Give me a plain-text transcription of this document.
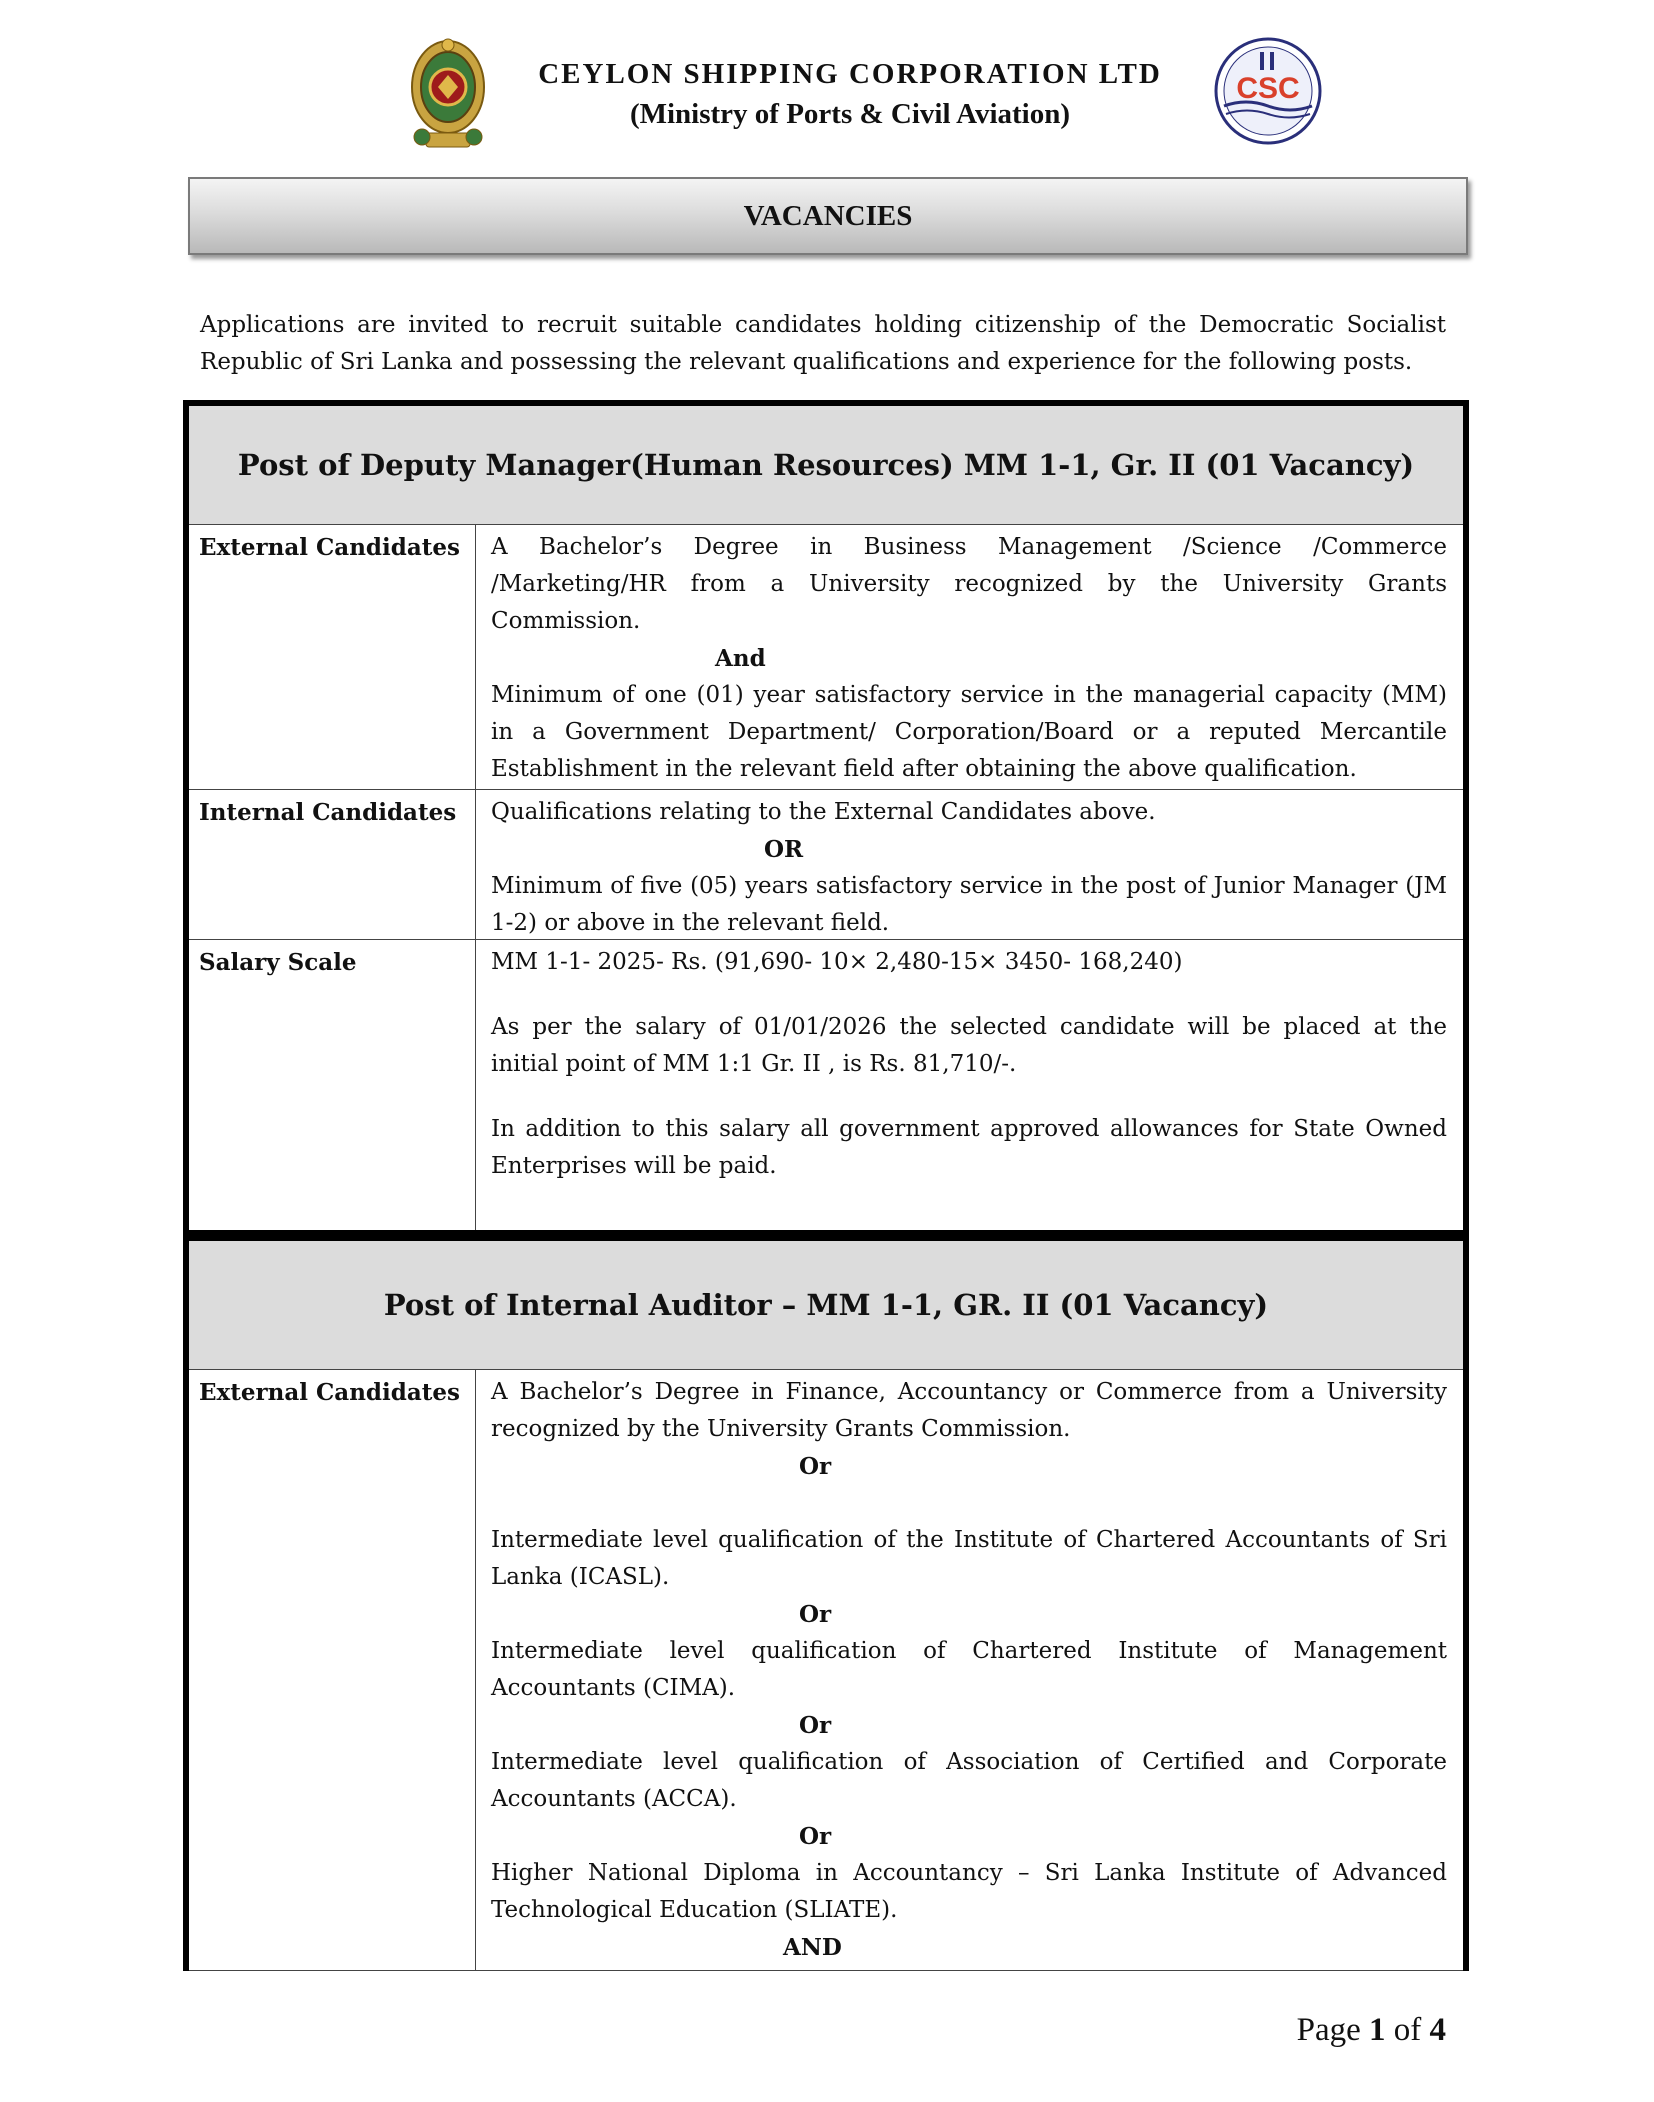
CEYLON SHIPPING CORPORATION LTD
(Ministry of Ports & Civil Aviation)
CSC
VACANCIES

Applications are invited to recruit suitable candidates holding citizenship of the Democratic Socialist Republic of Sri Lanka and possessing the relevant qualifications and experience for the following posts.

Post of Deputy Manager(Human Resources) MM 1-1, Gr. II (01 Vacancy)
External Candidates	A Bachelor’s Degree in Business Management /Science /Commerce /Marketing/HR from a University recognized by the University Grants Commission.

And

Minimum of one (01) year satisfactory service in the managerial capacity (MM) in a Government Department/ Corporation/Board or a reputed Mercantile Establishment in the relevant field after obtaining the above qualification.

Internal Candidates	Qualifications relating to the External Candidates above.

OR

Minimum of five (05) years satisfactory service in the post of Junior Manager (JM 1-2) or above in the relevant field.

Salary Scale	MM 1-1- 2025- Rs. (91,690- 10× 2,480-15× 3450- 168,240)

As per the salary of 01/01/2026 the selected candidate will be placed at the initial point of MM 1:1 Gr. II , is Rs. 81,710/-.

In addition to this salary all government approved allowances for State Owned Enterprises will be paid.

Post of Internal Auditor – MM 1-1, GR. II (01 Vacancy)
External Candidates	A Bachelor’s Degree in Finance, Accountancy or Commerce from a University recognized by the University Grants Commission.

Or

Intermediate level qualification of the Institute of Chartered Accountants of Sri Lanka (ICASL).

Or

Intermediate level qualification of Chartered Institute of Management Accountants (CIMA).

Or

Intermediate level qualification of Association of Certified and Corporate Accountants (ACCA).

Or

Higher National Diploma in Accountancy – Sri Lanka Institute of Advanced Technological Education (SLIATE).

AND

Page 1 of 4
